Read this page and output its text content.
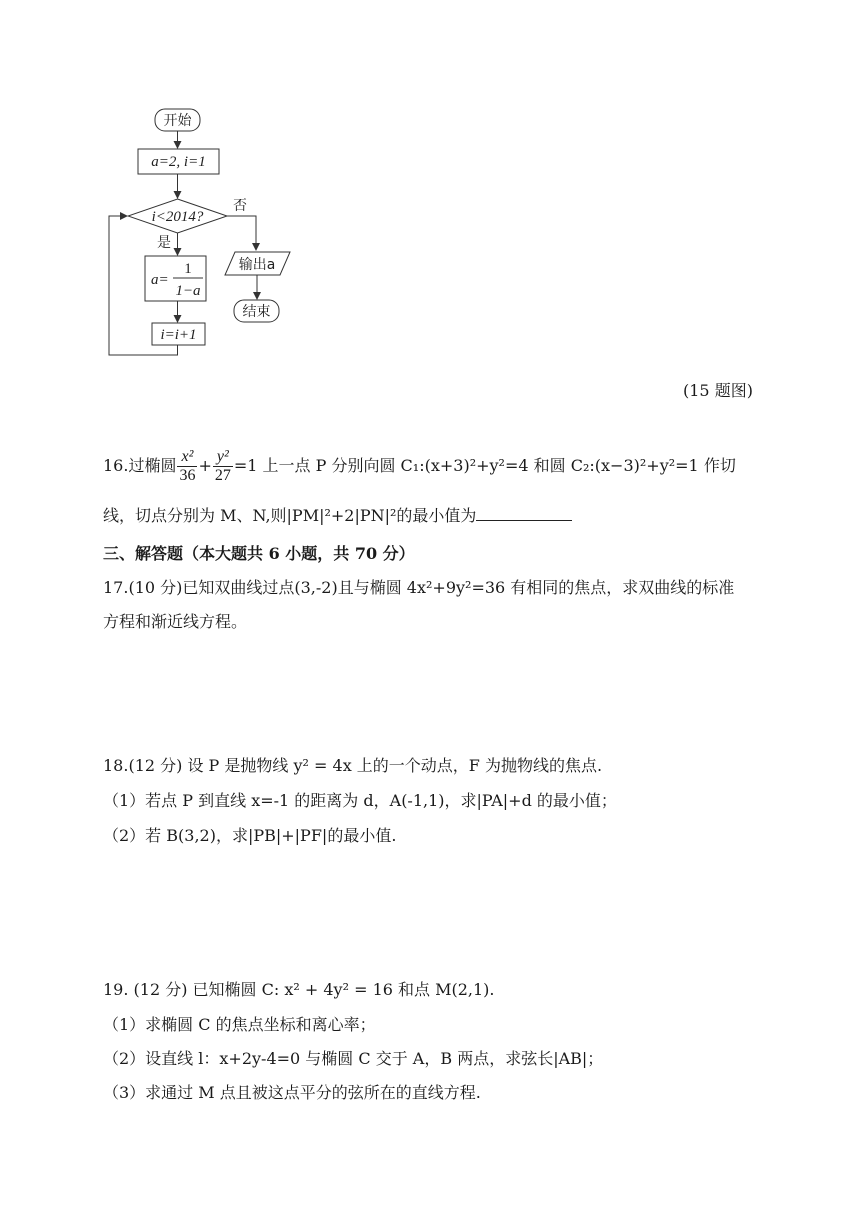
开始
a=2, i=1
i<2014?
否
输出a
结束
是
a=
1
1−a
i=i+1
(15 题图)
16.过椭圆 $\frac{\text{x²}}{36} + \frac{\text{y²}}{27} =1$ 上一点 P 分别向圆 C₁:(x+3)²+y²=4 和圆 C₂:(x−3)²+y²=1 作切
线，切点分别为 M、N,则|PM|²+2|PN|²的最小值为
三、解答题（本大题共 6 小题，共 70 分）
17.(10 分)已知双曲线过点(3,-2)且与椭圆 4x²+9y²=36 有相同的焦点，求双曲线的标准
方程和渐近线方程。
18.(12 分) 设 P 是抛物线 y² = 4x 上的一个动点，F 为抛物线的焦点.
（1）若点 P 到直线 x=-1 的距离为 d，A(-1,1)，求|PA|+d 的最小值；
（2）若 B(3,2)，求|PB|+|PF|的最小值.
19. (12 分) 已知椭圆 C: x² + 4y² = 16 和点 M(2,1).
（1）求椭圆 C 的焦点坐标和离心率；
（2）设直线 l：x+2y-4=0 与椭圆 C 交于 A，B 两点，求弦长|AB|；
（3）求通过 M 点且被这点平分的弦所在的直线方程.
